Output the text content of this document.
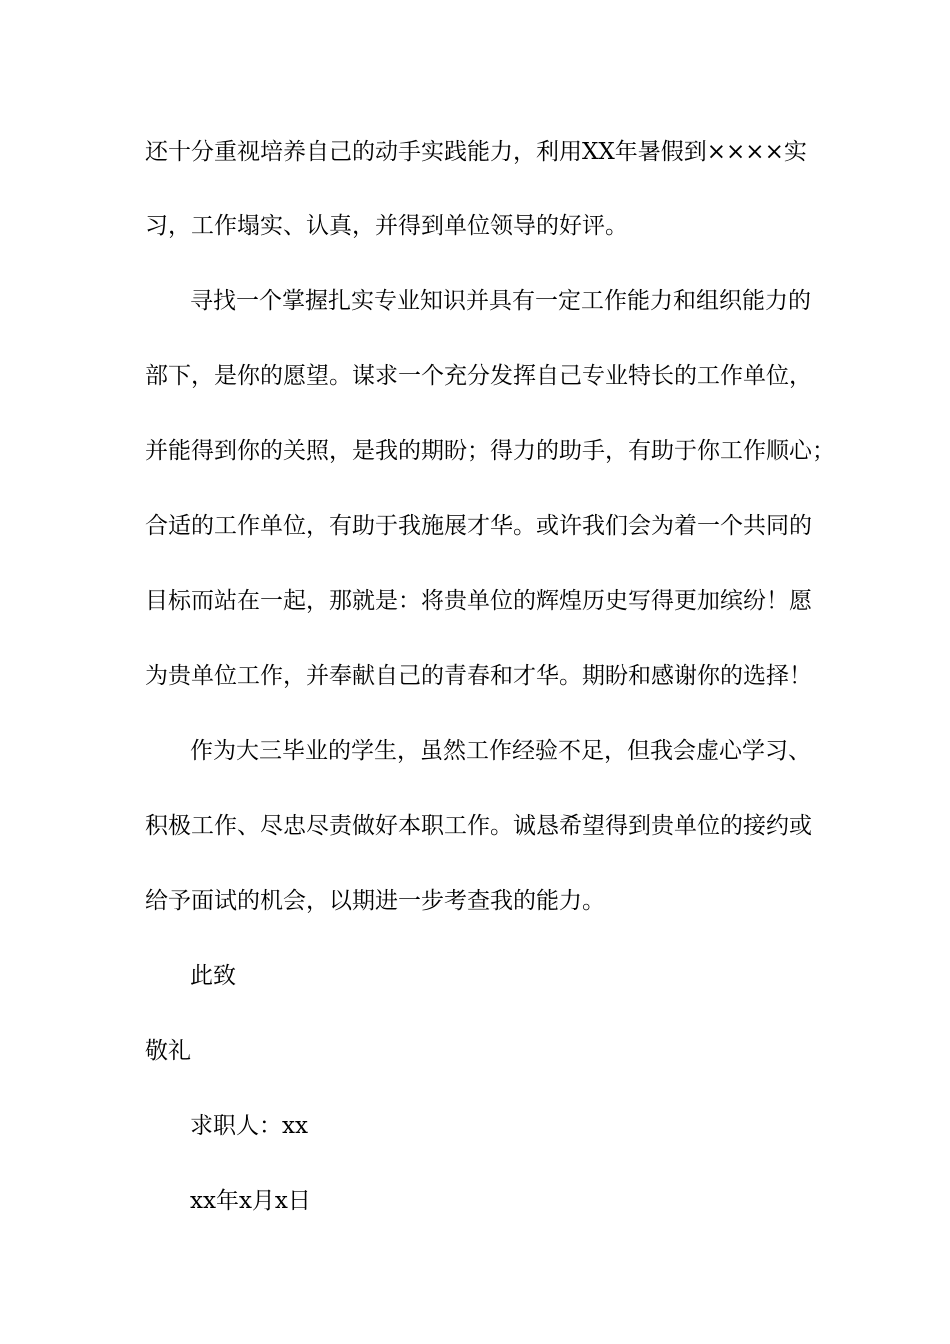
还十分重视培养自己的动手实践能力，利用XX年暑假到××××实
习，工作塌实、认真，并得到单位领导的好评。
寻找一个掌握扎实专业知识并具有一定工作能力和组织能力的
部下，是你的愿望。谋求一个充分发挥自己专业特长的工作单位，
并能得到你的关照，是我的期盼；得力的助手，有助于你工作顺心；
合适的工作单位，有助于我施展才华。或许我们会为着一个共同的
目标而站在一起，那就是：将贵单位的辉煌历史写得更加缤纷！愿
为贵单位工作，并奉献自己的青春和才华。期盼和感谢你的选择！
作为大三毕业的学生，虽然工作经验不足，但我会虚心学习、
积极工作、尽忠尽责做好本职工作。诚恳希望得到贵单位的接约或
给予面试的机会，以期进一步考查我的能力。
此致
敬礼
求职人：xx
xx年x月x日
